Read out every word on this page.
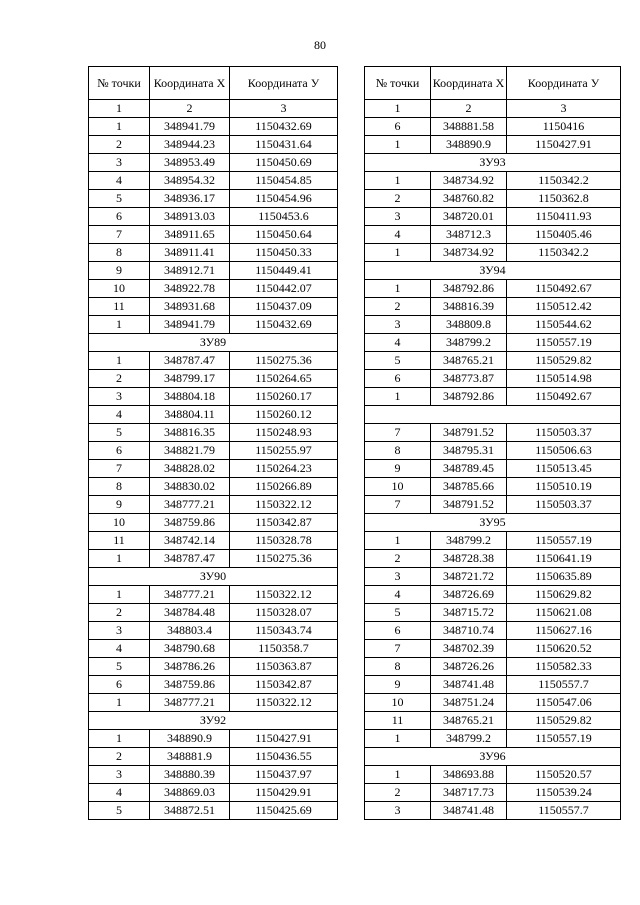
80
№ точки	Координата Х	Координата У
1	2	3
1	348941.79	1150432.69
2	348944.23	1150431.64
3	348953.49	1150450.69
4	348954.32	1150454.85
5	348936.17	1150454.96
6	348913.03	1150453.6
7	348911.65	1150450.64
8	348911.41	1150450.33
9	348912.71	1150449.41
10	348922.78	1150442.07
11	348931.68	1150437.09
1	348941.79	1150432.69
ЗУ89		
1	348787.47	1150275.36
2	348799.17	1150264.65
3	348804.18	1150260.17
4	348804.11	1150260.12
5	348816.35	1150248.93
6	348821.79	1150255.97
7	348828.02	1150264.23
8	348830.02	1150266.89
9	348777.21	1150322.12
10	348759.86	1150342.87
11	348742.14	1150328.78
1	348787.47	1150275.36
ЗУ90		
1	348777.21	1150322.12
2	348784.48	1150328.07
3	348803.4	1150343.74
4	348790.68	1150358.7
5	348786.26	1150363.87
6	348759.86	1150342.87
1	348777.21	1150322.12
ЗУ92		
1	348890.9	1150427.91
2	348881.9	1150436.55
3	348880.39	1150437.97
4	348869.03	1150429.91
5	348872.51	1150425.69
№ точки	Координата Х	Координата У
1	2	3
6	348881.58	1150416
1	348890.9	1150427.91
ЗУ93		
1	348734.92	1150342.2
2	348760.82	1150362.8
3	348720.01	1150411.93
4	348712.3	1150405.46
1	348734.92	1150342.2
ЗУ94		
1	348792.86	1150492.67
2	348816.39	1150512.42
3	348809.8	1150544.62
4	348799.2	1150557.19
5	348765.21	1150529.82
6	348773.87	1150514.98
1	348792.86	1150492.67

7	348791.52	1150503.37
8	348795.31	1150506.63
9	348789.45	1150513.45
10	348785.66	1150510.19
7	348791.52	1150503.37
ЗУ95		
1	348799.2	1150557.19
2	348728.38	1150641.19
3	348721.72	1150635.89
4	348726.69	1150629.82
5	348715.72	1150621.08
6	348710.74	1150627.16
7	348702.39	1150620.52
8	348726.26	1150582.33
9	348741.48	1150557.7
10	348751.24	1150547.06
11	348765.21	1150529.82
1	348799.2	1150557.19
ЗУ96		
1	348693.88	1150520.57
2	348717.73	1150539.24
3	348741.48	1150557.7
